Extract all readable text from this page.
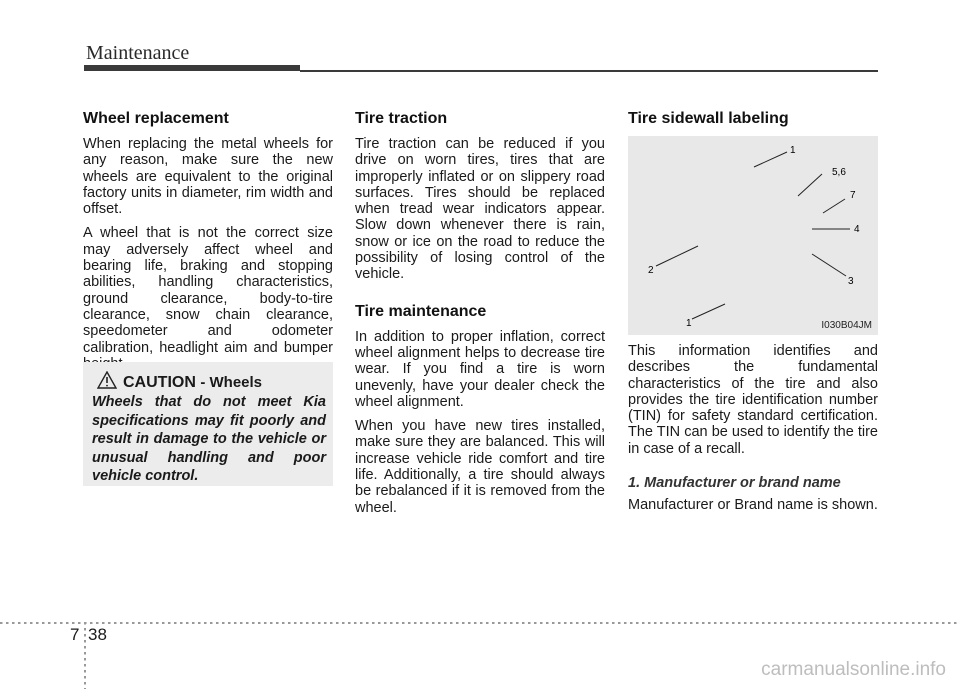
Maintenance
Wheel replacement

When replacing the metal wheels for any reason, make sure the new wheels are equivalent to the original factory units in diameter, rim width and offset.

A wheel that is not the correct size may adversely affect wheel and bearing life, braking and stopping abilities, handling characteristics, ground clearance, body-to-tire clearance, snow chain clearance, speedometer and odometer calibration, headlight aim and bumper

CAUTION - Wheels
Wheels that do not meet Kia specifications may fit poorly and result in damage to the vehicle or unusual handling and poor vehicle control.
Tire traction

Tire traction can be reduced if you drive on worn tires, tires that are improperly inflated or on slippery road surfaces. Tires should be replaced when tread wear indicators appear. Slow down whenever there is rain, snow or ice on the road to reduce the possibility of losing control of the vehicle.

Tire maintenance

In addition to proper inflation, correct wheel alignment helps to decrease tire wear. If you find a tire is worn unevenly, have your dealer check the wheel alignment.

When you have new tires installed, make sure they are balanced. This will increase vehicle ride comfort and tire life. Additionally, a tire should always be rebalanced if it is removed from the wheel.

Tire sidewall labeling
1
5,6
7
4
3
2
1	I030B04JM

This information identifies and describes the fundamental characteristics of the tire and also provides the tire identification number (TIN) for safety standard certification. The TIN can be used to identify the tire in case of a recall.

1. Manufacturer or brand name

Manufacturer or Brand name is shown.

7 38
carmanualsonline.info
